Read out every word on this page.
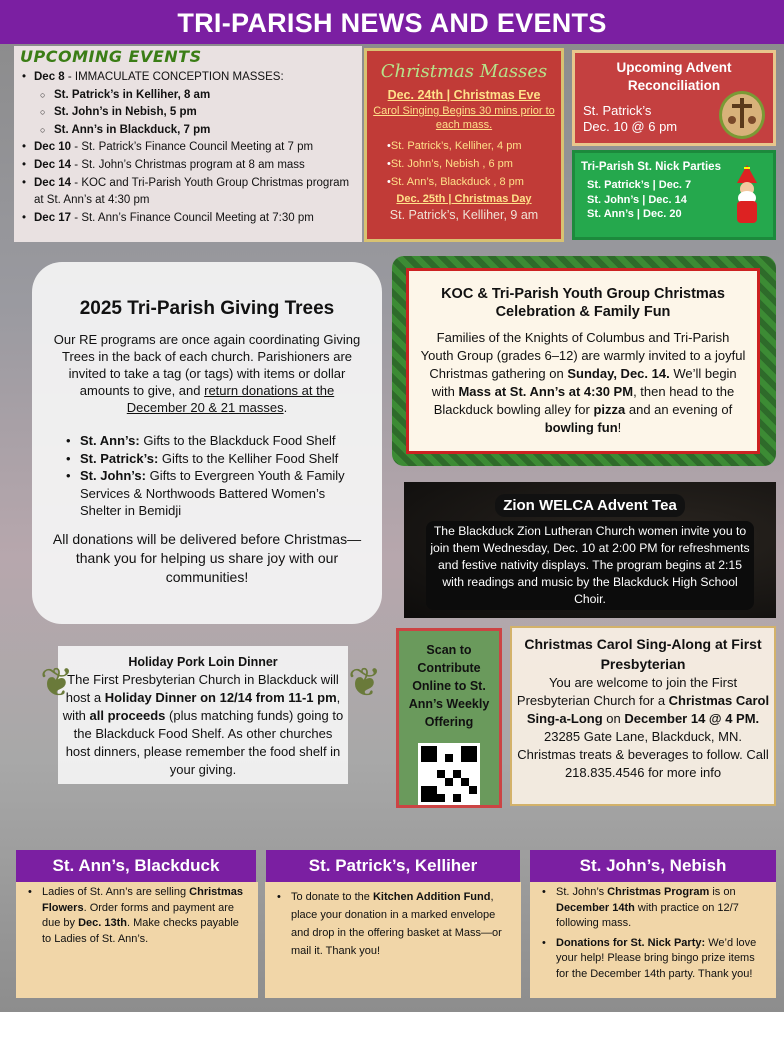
TRI-PARISH NEWS AND EVENTS
UPCOMING EVENTS
• Dec 8 - IMMACULATE CONCEPTION MASSES:
○ St. Patrick’s in Kelliher, 8 am
○ St. John’s in Nebish, 5 pm
○ St. Ann’s in Blackduck, 7 pm
• Dec 10 - St. Patrick’s Finance Council Meeting at 7 pm
• Dec 14 - St. John’s Christmas program at 8 am mass
• Dec 14 - KOC and Tri-Parish Youth Group Christmas program at St. Ann’s at 4:30 pm
• Dec 17 - St. Ann’s Finance Council Meeting at 7:30 pm
Christmas Masses
Dec. 24th | Christmas Eve
Carol Singing Begins 30 mins prior to each mass.
• St. Patrick’s, Kelliher, 4 pm
• St. John’s, Nebish , 6 pm
• St. Ann’s, Blackduck , 8 pm
Dec. 25th | Christmas Day
St. Patrick’s, Kelliher, 9 am
Upcoming Advent Reconciliation
St. Patrick’s
Dec. 10 @ 6 pm
Tri-Parish St. Nick Parties
St. Patrick’s | Dec. 7
St. John’s | Dec. 14
St. Ann’s | Dec. 20
2025 Tri-Parish Giving Trees
Our RE programs are once again coordinating Giving Trees in the back of each church. Parishioners are invited to take a tag (or tags) with items or dollar amounts to give, and return donations at the December 20 & 21 masses.
• St. Ann’s: Gifts to the Blackduck Food Shelf
• St. Patrick’s: Gifts to the Kelliher Food Shelf
• St. John’s: Gifts to Evergreen Youth & Family Services & Northwoods Battered Women’s Shelter in Bemidji
All donations will be delivered before Christmas—thank you for helping us share joy with our communities!
KOC & Tri-Parish Youth Group Christmas Celebration & Family Fun
Families of the Knights of Columbus and Tri-Parish Youth Group (grades 6–12) are warmly invited to a joyful Christmas gathering on Sunday, Dec. 14. We’ll begin with Mass at St. Ann’s at 4:30 PM, then head to the Blackduck bowling alley for pizza and an evening of bowling fun!
Zion WELCA Advent Tea
The Blackduck Zion Lutheran Church women invite you to join them Wednesday, Dec. 10 at 2:00 PM for refreshments and festive nativity displays. The program begins at 2:15 with readings and music by the Blackduck High School Choir.
Holiday Pork Loin Dinner
The First Presbyterian Church in Blackduck will host a Holiday Dinner on 12/14 from 11-1 pm, with all proceeds (plus matching funds) going to the Blackduck Food Shelf. As other churches host dinners, please remember the food shelf in your giving.
❦	❦
Scan to Contribute Online to St. Ann’s Weekly Offering
Christmas Carol Sing-Along at First Presbyterian
You are welcome to join the First Presbyterian Church for a Christmas Carol Sing-a-Long on December 14 @ 4 PM. 23285 Gate Lane, Blackduck, MN. Christmas treats & beverages to follow. Call 218.835.4546 for more info
St. Ann’s, Blackduck
• Ladies of St. Ann’s are selling Christmas Flowers. Order forms and payment are due by Dec. 13th. Make checks payable to Ladies of St. Ann’s.
St. Patrick’s, Kelliher
• To donate to the Kitchen Addition Fund, place your donation in a marked envelope and drop in the offering basket at Mass—or mail it. Thank you!
St. John’s, Nebish
• St. John’s Christmas Program is on December 14th with practice on 12/7 following mass.
• Donations for St. Nick Party: We’d love your help! Please bring bingo prize items for the December 14th party. Thank you!
